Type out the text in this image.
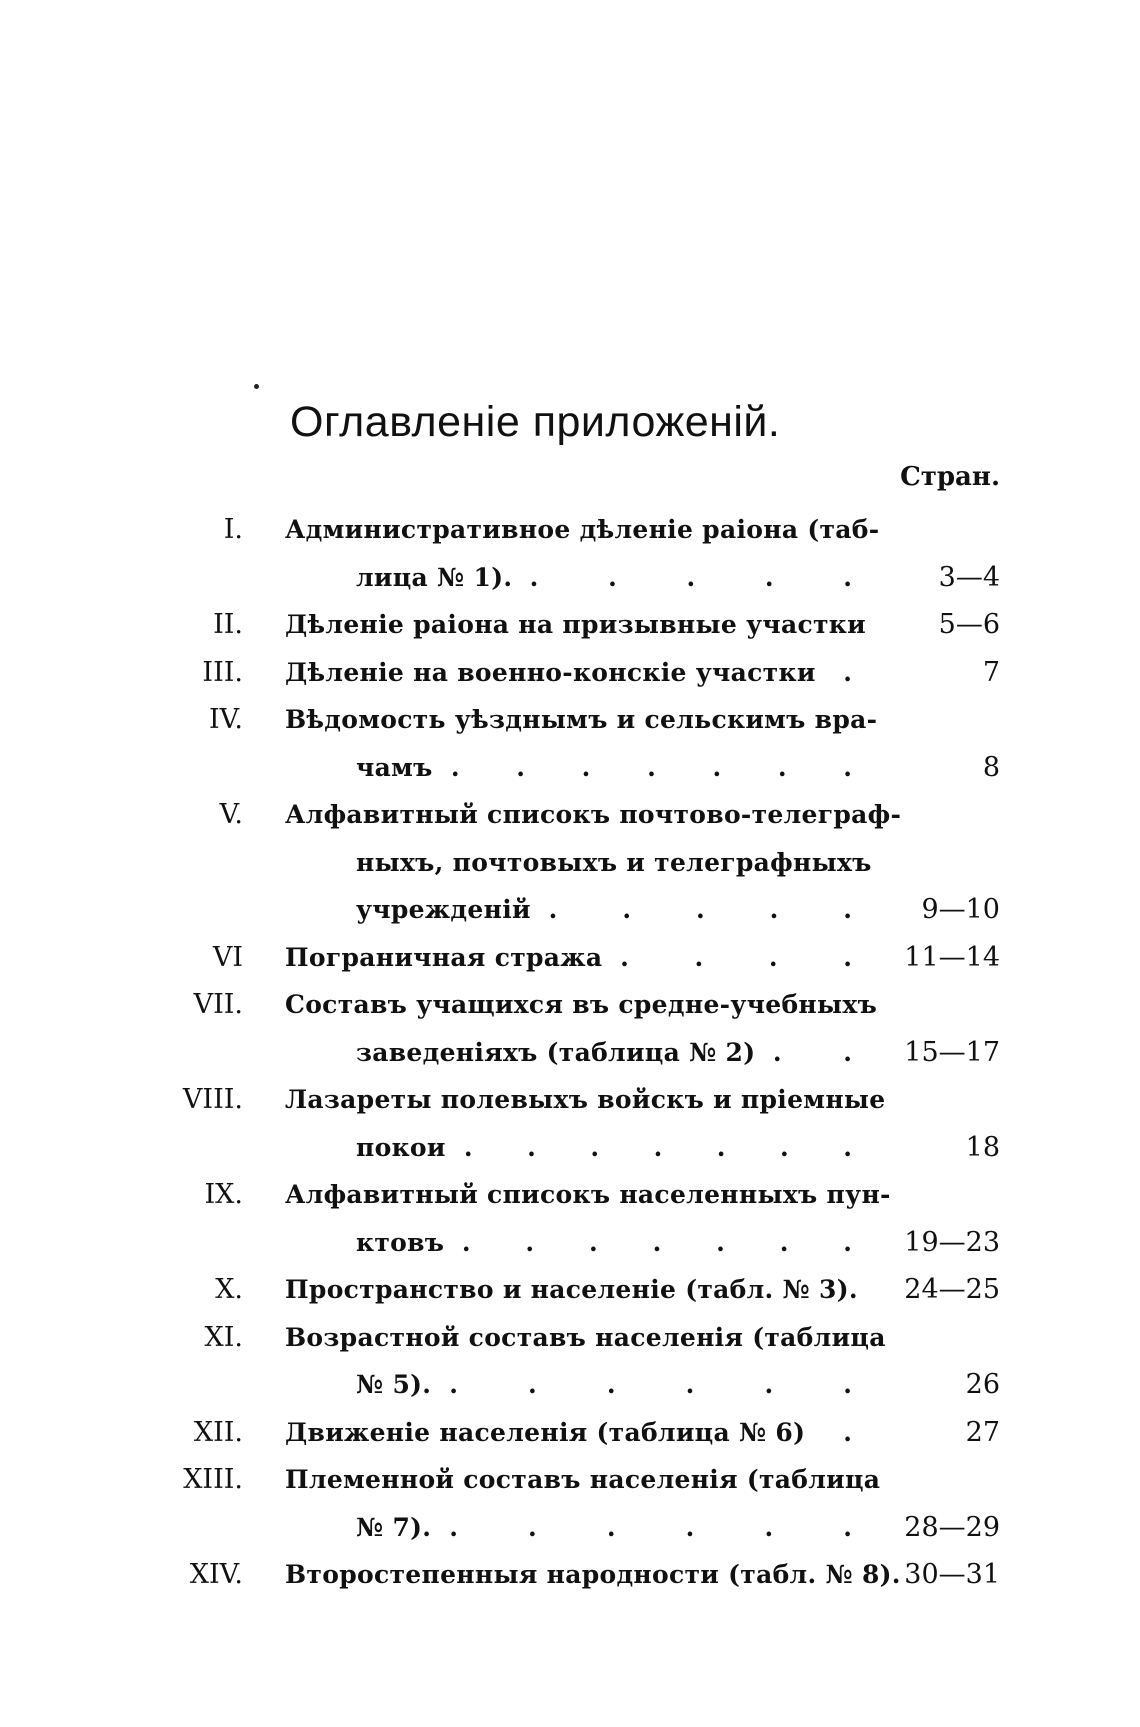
Оглавленіе приложеній.
Стран.
I. Административное дѣленіе раіона (таб-
лица № 1). . . . . .	3—4
II. Дѣленіе раіона на призывные участки	5—6
III. Дѣленіе на военно-конскіе участки .	7
IV. Вѣдомость уѣзднымъ и сельскимъ вра-
чамъ . . . . . . .	8
V. Алфавитный списокъ почтово-телеграф-
ныхъ, почтовыхъ и телеграфныхъ
учрежденій . . . . .	9—10
VI Пограничная стража . . . . 11—14
VII. Составъ учащихся въ средне-учебныхъ
заведеніяхъ (таблица № 2) . . 15—17
VIII. Лазареты полевыхъ войскъ и пріемные
покои . . . . . . .	18
IX. Алфавитный списокъ населенныхъ пун-
ктовъ . . . . . . . 19—23
X. Пространство и населеніе (табл. № 3). 24—25
XI. Возрастной составъ населенія (таблица
№ 5). . . . . . .	26
XII. Движеніе населенія (таблица № 6) .	27
XIII. Племенной составъ населенія (таблица
№ 7). . . . . . . 28—29
XIV. Второстепенныя народности (табл. № 8). 30—31
